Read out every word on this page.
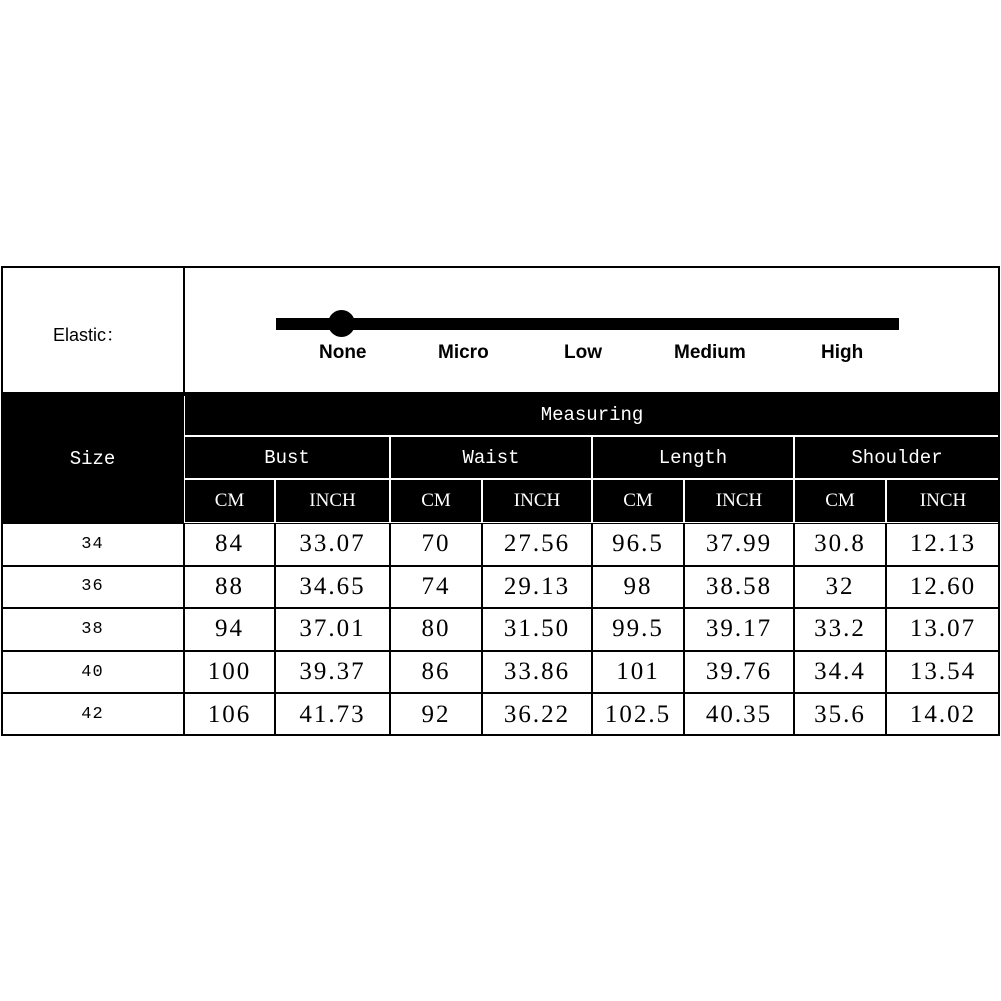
Elastic：
None	Micro	Low	Medium	High
Size
Measuring
Bust	Waist	Length	Shoulder
CM	INCH	CM	INCH	CM	INCH	CM	INCH
34	84	33.07	70	27.56	96.5	37.99	30.8	12.13
36	88	34.65	74	29.13	98	38.58	32	12.60
38	94	37.01	80	31.50	99.5	39.17	33.2	13.07
40	100	39.37	86	33.86	101	39.76	34.4	13.54
42	106	41.73	92	36.22	102.5	40.35	35.6	14.02
